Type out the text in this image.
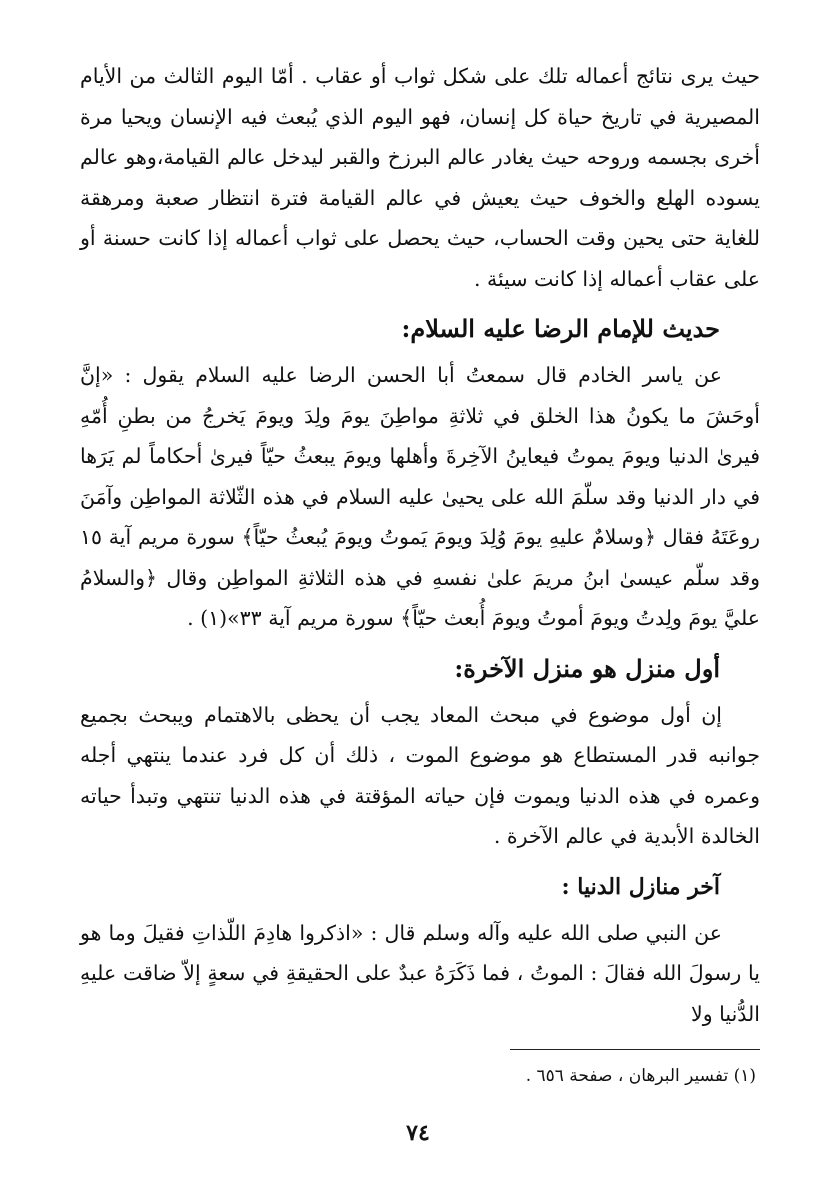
حيث يرى نتائج أعماله تلك على شكل ثواب أو عقاب . أمّا اليوم الثالث من الأيام المصيرية في تاريخ حياة كل إنسان، فهو اليوم الذي يُبعث فيه الإنسان ويحيا مرة أخرى بجسمه وروحه حيث يغادر عالم البرزخ والقبر ليدخل عالم القيامة،وهو عالم يسوده الهلع والخوف حيث يعيش في عالم القيامة فترة انتظار صعبة ومرهقة للغاية حتى يحين وقت الحساب، حيث يحصل على ثواب أعماله إذا كانت حسنة أو على عقاب أعماله إذا كانت سيئة .

حديث للإمام الرضا عليه السلام:

عن ياسر الخادم قال سمعتُ أبا الحسن الرضا عليه السلام يقول : «إنَّ أوحَشَ ما يكونُ هذا الخلق في ثلاثةِ مواطِنَ يومَ ولِدَ ويومَ يَخرجُ من بطنِ أُمّهِ فيرىٰ الدنيا ويومَ يموتُ فيعاينُ الآخِرةَ وأهلها ويومَ يبعثُ حيّاً فيرىٰ أحكاماً لم يَرَها في دار الدنيا وقد سلّمَ الله على يحيىٰ عليه السلام في هذه الثّلاثة المواطِن وآمَنَ روعَتَهُ فقال ﴿وسلامٌ عليهِ يومَ وُلِدَ ويومَ يَموتُ ويومَ يُبعثُ حيّاً﴾ سورة مريم آية ١٥ وقد سلّم عيسىٰ ابنُ مريمَ علىٰ نفسهِ في هذه الثلاثةِ المواطِن وقال ﴿والسلامُ عليَّ يومَ ولِدتُ ويومَ أموتُ ويومَ أُبعث حيّاً﴾ سورة مريم آية ٣٣»(١) .

أول منزل هو منزل الآخرة:

إن أول موضوع في مبحث المعاد يجب أن يحظى بالاهتمام ويبحث بجميع جوانبه قدر المستطاع هو موضوع الموت ، ذلك أن كل فرد عندما ينتهي أجله وعمره في هذه الدنيا ويموت فإن حياته المؤقتة في هذه الدنيا تنتهي وتبدأ حياته الخالدة الأبدية في عالم الآخرة .

آخر منازل الدنيا :

عن النبي صلى الله عليه وآله وسلم قال : «اذكروا هادِمَ اللّذاتِ فقيلَ وما هو يا رسولَ الله فقالَ : الموتُ ، فما ذَكَرَهُ عبدٌ على الحقيقةِ في سعةٍ إلاّ ضاقت عليهِ الدُّنيا ولا

(١) تفسير البرهان ، صفحة ٦٥٦ .
٧٤
